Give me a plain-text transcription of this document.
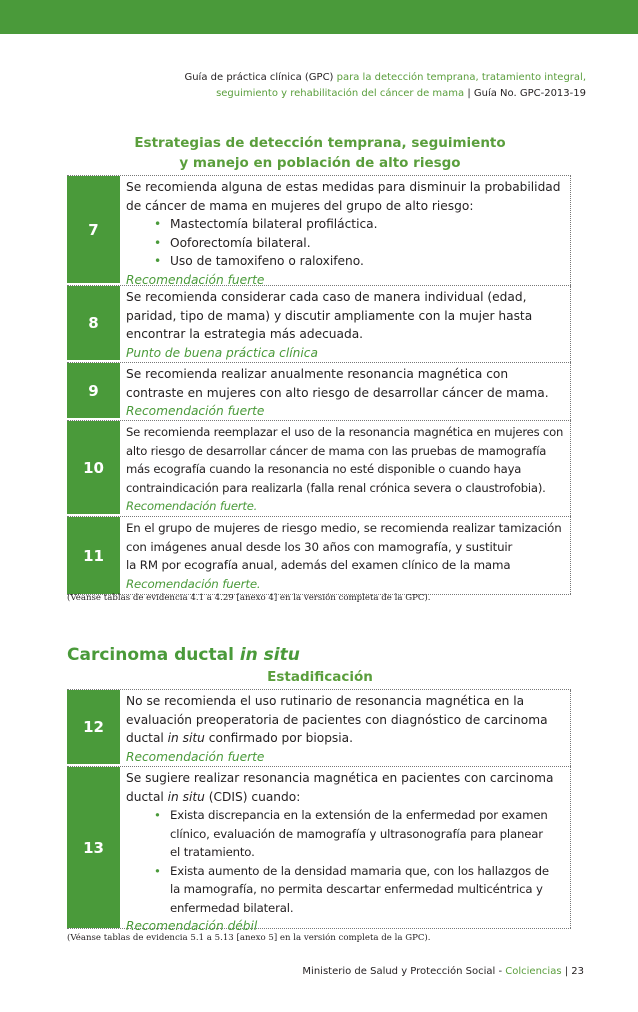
Guía de práctica clínica (GPC) para la detección temprana, tratamiento integral,
seguimiento y rehabilitación del cáncer de mama | Guía No. GPC-2013-19
Estrategias de detección temprana, seguimiento
y manejo en población de alto riesgo
7
Se recomienda alguna de estas medidas para disminuir la probabilidad
de cáncer de mama en mujeres del grupo de alto riesgo:
• Mastectomía bilateral profiláctica.
• Ooforectomía bilateral.
• Uso de tamoxifeno o raloxifeno.
Recomendación fuerte
8
Se recomienda considerar cada caso de manera individual (edad,
paridad, tipo de mama) y discutir ampliamente con la mujer hasta
encontrar la estrategia más adecuada.
Punto de buena práctica clínica
9
Se recomienda realizar anualmente resonancia magnética con
contraste en mujeres con alto riesgo de desarrollar cáncer de mama.
Recomendación fuerte
10
Se recomienda reemplazar el uso de la resonancia magnética en mujeres con
alto riesgo de desarrollar cáncer de mama con las pruebas de mamografía
más ecografía cuando la resonancia no esté disponible o cuando haya
contraindicación para realizarla (falla renal crónica severa o claustrofobia).
Recomendación fuerte.
11
En el grupo de mujeres de riesgo medio, se recomienda realizar tamización
con imágenes anual desde los 30 años con mamografía, y sustituir
la RM por ecografía anual, además del examen clínico de la mama
Recomendación fuerte.
(Véanse tablas de evidencia 4.1 a 4.29 [anexo 4] en la versión completa de la GPC).
Carcinoma ductal in situ
Estadificación
12
No se recomienda el uso rutinario de resonancia magnética en la
evaluación preoperatoria de pacientes con diagnóstico de carcinoma
ductal in situ confirmado por biopsia.
Recomendación fuerte
13
Se sugiere realizar resonancia magnética en pacientes con carcinoma
ductal in situ (CDIS) cuando:
• Exista discrepancia en la extensión de la enfermedad por examen
clínico, evaluación de mamografía y ultrasonografía para planear
el tratamiento.
• Exista aumento de la densidad mamaria que, con los hallazgos de
la mamografía, no permita descartar enfermedad multicéntrica y
enfermedad bilateral.
Recomendación débil
(Véanse tablas de evidencia 5.1 a 5.13 [anexo 5] en la versión completa de la GPC).
Ministerio de Salud y Protección Social - Colciencias | 23
